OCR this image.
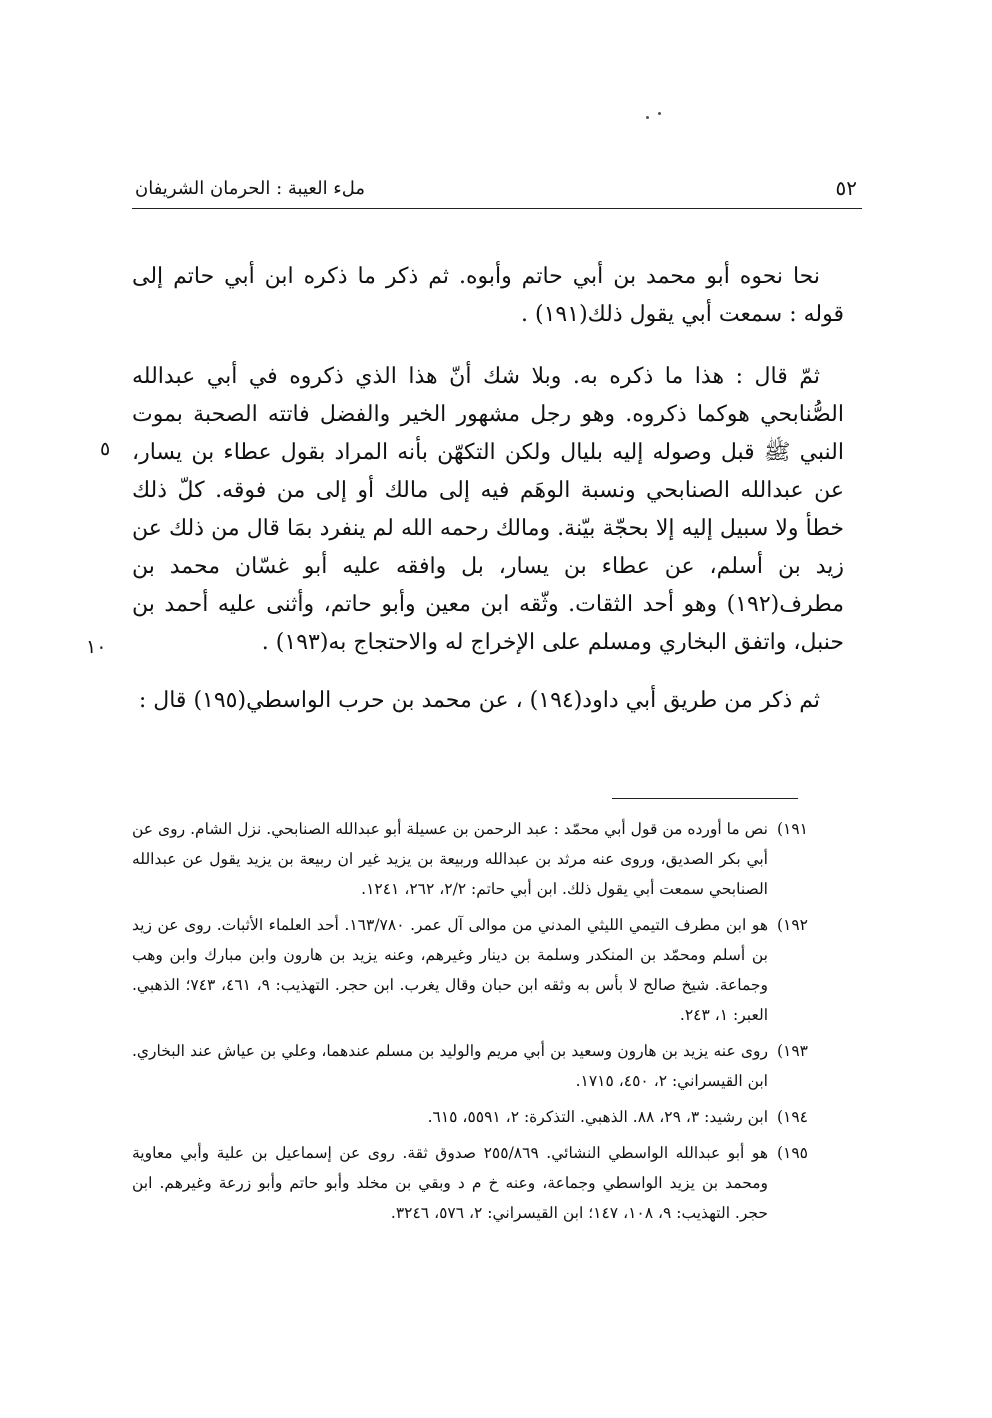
ملء العيبة : الحرمان الشريفان	٥٢

نحا نحوه أبو محمد بن أبي حاتم وأبوه. ثم ذكر ما ذكره ابن أبي حاتم إلى قوله : سمعت أبي يقول ذلك(١٩١) .

ثمّ قال : هذا ما ذكره به. وبلا شك أنّ هذا الذي ذكروه في أبي عبدالله الصُّنابحي هوكما ذكروه. وهو رجل مشهور الخير والفضل فاتته الصحبة بموت النبي ﷺ قبل وصوله إليه بليال ولكن التكهّن بأنه المراد بقول عطاء بن يسار، عن عبدالله الصنابحي ونسبة الوهَم فيه إلى مالك أو إلى من فوقه. كلّ ذلك خطأ ولا سبيل إليه إلا بحجّة بيّنة. ومالك رحمه الله لم ينفرد بمَا قال من ذلك عن زيد بن أسلم، عن عطاء بن يسار، بل وافقه عليه أبو غسّان محمد بن مطرف(١٩٢) وهو أحد الثقات. وثّقه ابن معين وأبو حاتم، وأثنى عليه أحمد بن حنبل، واتفق البخاري ومسلم على الإخراج له والاحتجاج به(١٩٣) .

ثم ذكر من طريق أبي داود(١٩٤) ، عن محمد بن حرب الواسطي(١٩٥) قال :

٥
١٠
١٩١)
نص ما أورده من قول أبي محمّد : عبد الرحمن بن عسيلة أبو عبدالله الصنابحي. نزل الشام. روى عن أبي بكر الصديق، وروى عنه مرثد بن عبدالله وربيعة بن يزيد غير ان ربيعة بن يزيد يقول عن عبدالله الصنابحي سمعت أبي يقول ذلك. ابن أبي حاتم: ٢/٢، ٢٦٢، ١٢٤١.
١٩٢)
هو ابن مطرف التيمي الليثي المدني من موالى آل عمر. ١٦٣/٧٨٠. أحد العلماء الأثبات. روى عن زيد بن أسلم ومحمّد بن المنكدر وسلمة بن دينار وغيرهم، وعنه يزيد بن هارون وابن مبارك وابن وهب وجماعة. شيخ صالح لا بأس به وثقه ابن حبان وقال يغرب. ابن حجر. التهذيب: ٩، ٤٦١، ٧٤٣؛ الذهبي. العبر: ١، ٢٤٣.
١٩٣)
روى عنه يزيد بن هارون وسعيد بن أبي مريم والوليد بن مسلم عندهما، وعلي بن عياش عند البخاري. ابن القيسراني: ٢، ٤٥٠، ١٧١٥.
١٩٤)
ابن رشيد: ٣، ٢٩، ٨٨. الذهبي. التذكرة: ٢، ٥٥٩١، ٦١٥.
١٩٥)
هو أبو عبدالله الواسطي النشائي. ٢٥٥/٨٦٩ صدوق ثقة. روى عن إسماعيل بن علية وأبي معاوية ومحمد بن يزيد الواسطي وجماعة، وعنه خ م د وبقي بن مخلد وأبو حاتم وأبو زرعة وغيرهم. ابن حجر. التهذيب: ٩، ١٠٨، ١٤٧؛ ابن القيسراني: ٢، ٥٧٦، ٣٢٤٦.
